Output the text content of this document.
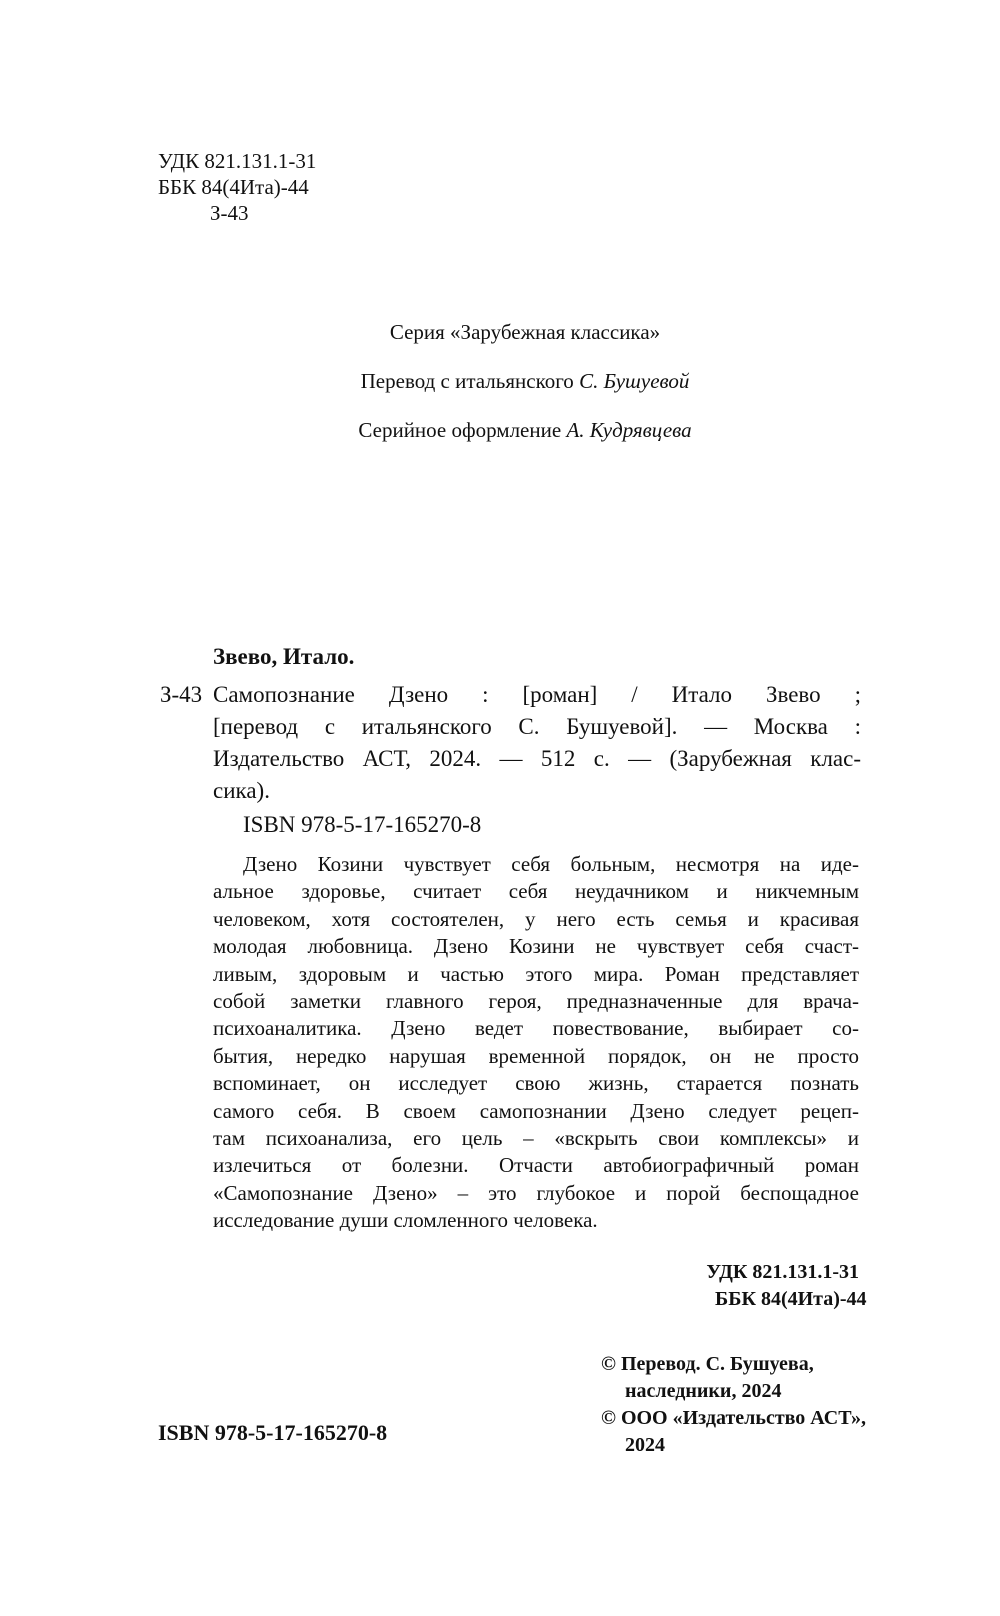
УДК 821.131.1-31
ББК 84(4Ита)-44
З-43
Серия «Зарубежная классика»
Перевод с итальянского С. Бушуевой
Серийное оформление А. Кудрявцева
Звево, Итало.
З-43 Самопознание Дзено : [роман] / Итало Звево ;
[перевод с итальянского С. Бушуевой]. — Москва :
Издательство АСТ, 2024. — 512 с. — (Зарубежная клас-
сика).
ISBN 978-5-17-165270-8
Дзено Козини чувствует себя больным, несмотря на иде-
альное здоровье, считает себя неудачником и никчемным
человеком, хотя состоятелен, у него есть семья и красивая
молодая любовница. Дзено Козини не чувствует себя счаст-
ливым, здоровым и частью этого мира. Роман представляет
собой заметки главного героя, предназначенные для врача-
психоаналитика. Дзено ведет повествование, выбирает со-
бытия, нередко нарушая временной порядок, он не просто
вспоминает, он исследует свою жизнь, старается познать
самого себя. В своем самопознании Дзено следует рецеп-
там психоанализа, его цель – «вскрыть свои комплексы» и
излечиться от болезни. Отчасти автобиографичный роман
«Самопознание Дзено» – это глубокое и порой беспощадное
исследование души сломленного человека.
УДК 821.131.1-31
ББК 84(4Ита)-44
© Перевод. С. Бушуева,
наследники, 2024
© ООО «Издательство АСТ»,
2024
ISBN 978-5-17-165270-8
